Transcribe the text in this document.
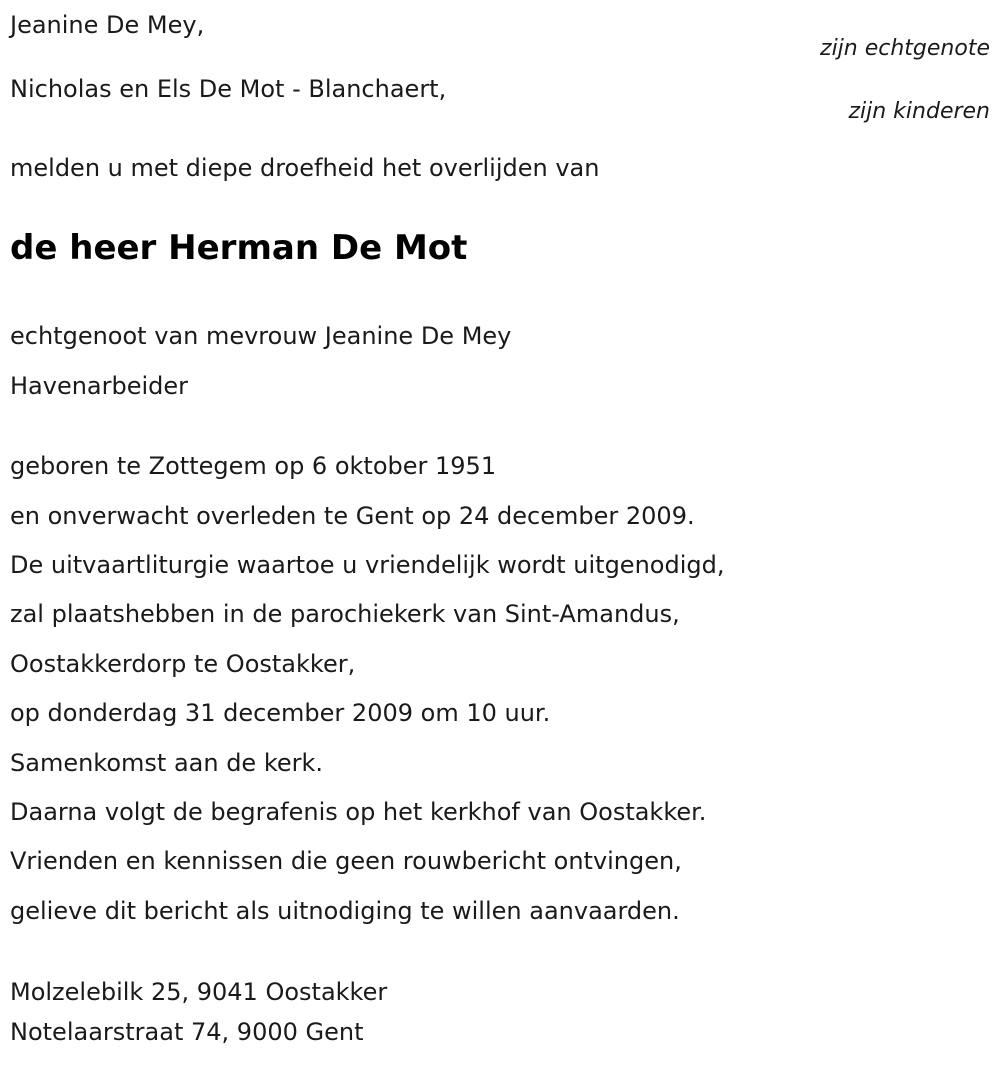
Jeanine De Mey,
zijn echtgenote
Nicholas en Els De Mot - Blanchaert,
zijn kinderen
melden u met diepe droefheid het overlijden van
de heer Herman De Mot
echtgenoot van mevrouw Jeanine De Mey
Havenarbeider
geboren te Zottegem op 6 oktober 1951
en onverwacht overleden te Gent op 24 december 2009.
De uitvaartliturgie waartoe u vriendelijk wordt uitgenodigd,
zal plaatshebben in de parochiekerk van Sint-Amandus,
Oostakkerdorp te Oostakker,
op donderdag 31 december 2009 om 10 uur.
Samenkomst aan de kerk.
Daarna volgt de begrafenis op het kerkhof van Oostakker.
Vrienden en kennissen die geen rouwbericht ontvingen,
gelieve dit bericht als uitnodiging te willen aanvaarden.
Molzelebilk 25, 9041 Oostakker
Notelaarstraat 74, 9000 Gent
